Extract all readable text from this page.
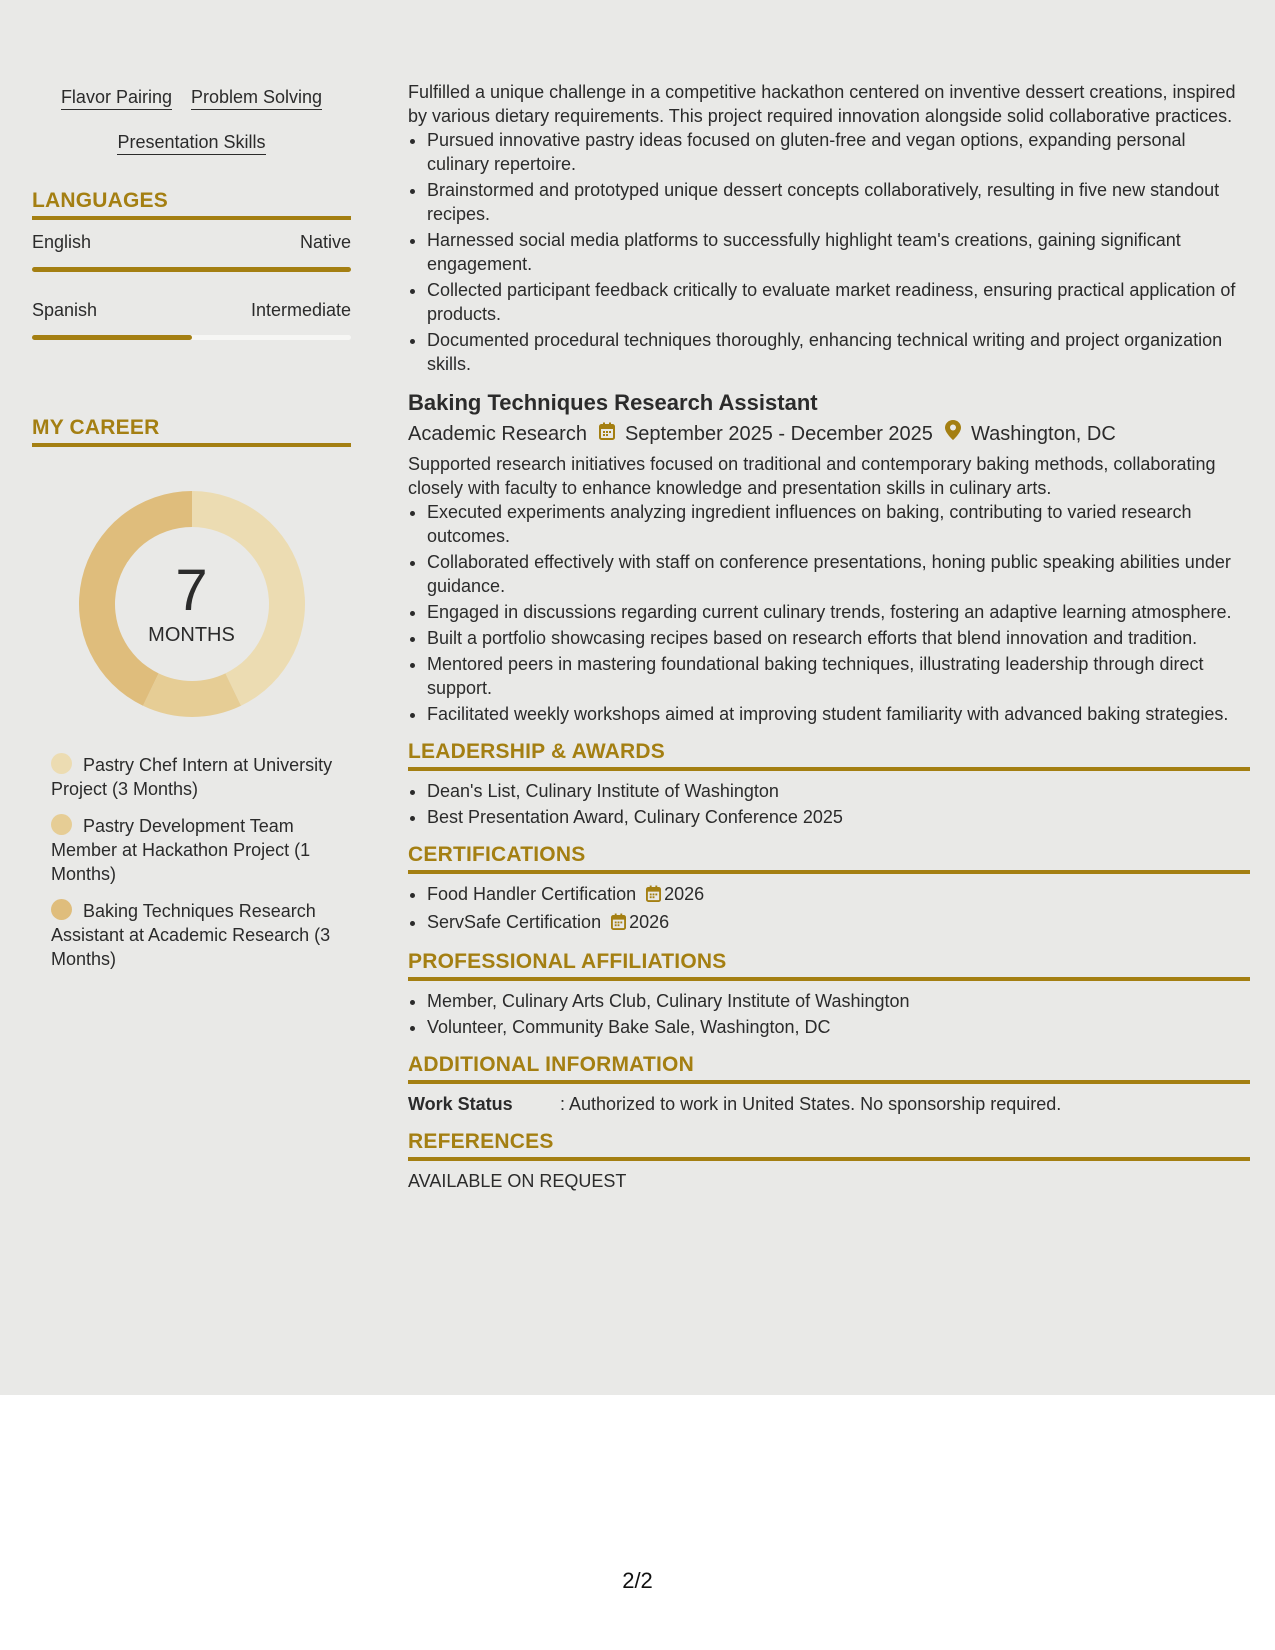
Flavor Pairing Problem Solving
Presentation Skills
LANGUAGES
English	Native
Spanish	Intermediate
MY CAREER
7
MONTHS
Pastry Chef Intern at University Project (3 Months)
Pastry Development Team Member at Hackathon Project (1 Months)
Baking Techniques Research Assistant at Academic Research (3 Months)

Fulfilled a unique challenge in a competitive hackathon centered on inventive dessert creations, inspired by various dietary requirements. This project required innovation alongside solid collaborative practices.

• Pursued innovative pastry ideas focused on gluten-free and vegan options, expanding personal culinary repertoire.
• Brainstormed and prototyped unique dessert concepts collaboratively, resulting in five new standout recipes.
• Harnessed social media platforms to successfully highlight team's creations, gaining significant engagement.
• Collected participant feedback critically to evaluate market readiness, ensuring practical application of products.
• Documented procedural techniques thoroughly, enhancing technical writing and project organization skills.
Baking Techniques Research Assistant
Academic Research September 2025 - December 2025 Washington, DC

Supported research initiatives focused on traditional and contemporary baking methods, collaborating closely with faculty to enhance knowledge and presentation skills in culinary arts.

• Executed experiments analyzing ingredient influences on baking, contributing to varied research outcomes.
• Collaborated effectively with staff on conference presentations, honing public speaking abilities under guidance.
• Engaged in discussions regarding current culinary trends, fostering an adaptive learning atmosphere.
• Built a portfolio showcasing recipes based on research efforts that blend innovation and tradition.
• Mentored peers in mastering foundational baking techniques, illustrating leadership through direct support.
• Facilitated weekly workshops aimed at improving student familiarity with advanced baking strategies.
LEADERSHIP & AWARDS
• Dean's List, Culinary Institute of Washington
• Best Presentation Award, Culinary Conference 2025
CERTIFICATIONS
• Food Handler Certification 2026
• ServSafe Certification 2026
PROFESSIONAL AFFILIATIONS
• Member, Culinary Arts Club, Culinary Institute of Washington
• Volunteer, Community Bake Sale, Washington, DC
ADDITIONAL INFORMATION
Work Status	: Authorized to work in United States. No sponsorship required.
REFERENCES
AVAILABLE ON REQUEST
2/2
